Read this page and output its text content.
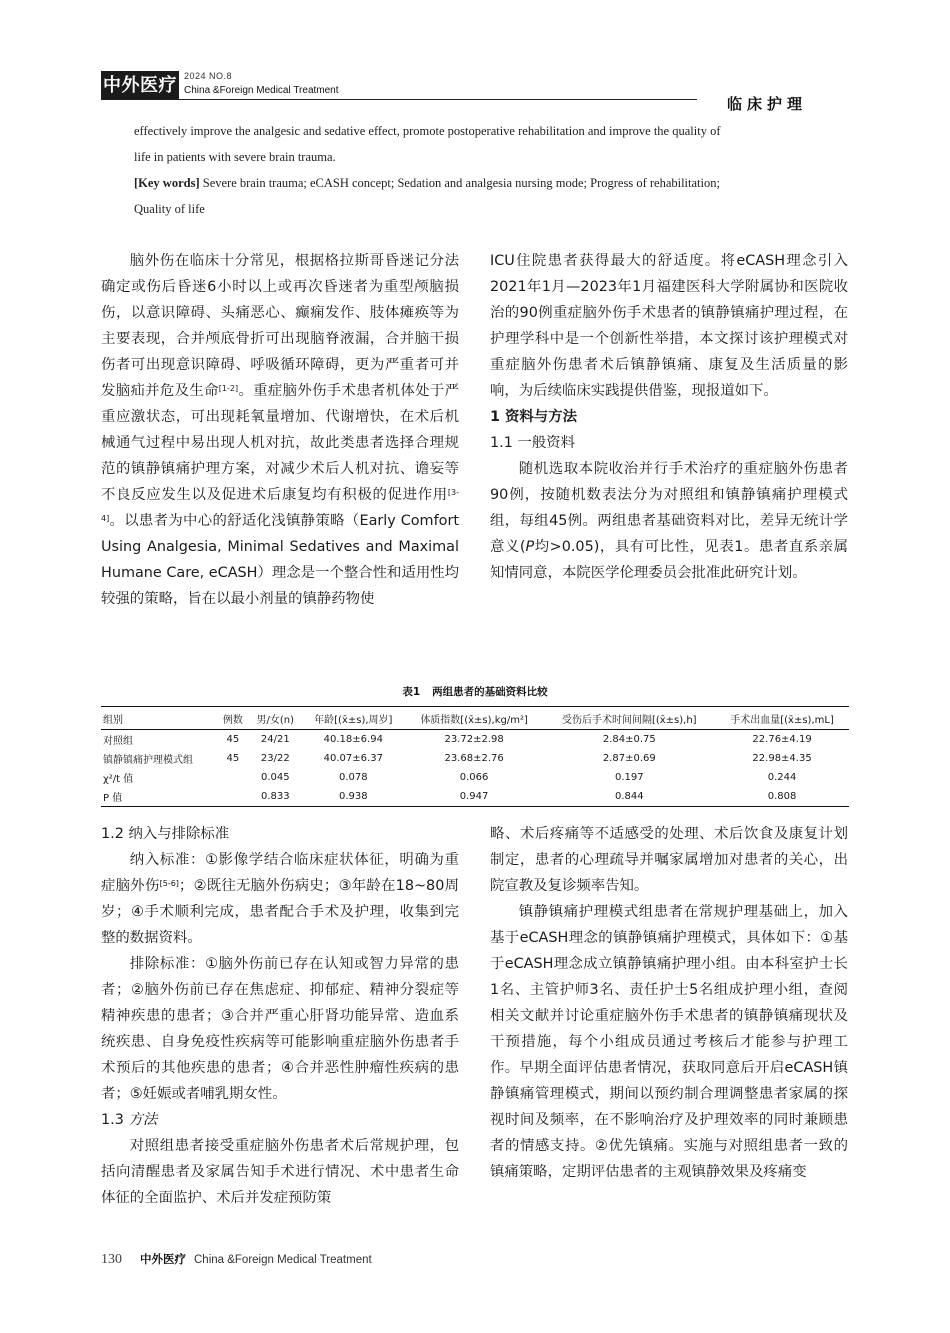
中外医疗 2024 NO.8
China &Foreign Medical Treatment
临床护理
effectively improve the analgesic and sedative effect, promote postoperative rehabilitation and improve the quality of
life in patients with severe brain trauma.
[Key words] Severe brain trauma; eCASH concept; Sedation and analgesia nursing mode; Progress of rehabilitation;
Quality of life

脑外伤在临床十分常见，根据格拉斯哥昏迷记分法确定或伤后昏迷6小时以上或再次昏迷者为重型颅脑损伤，以意识障碍、头痛恶心、癫痫发作、肢体瘫痪等为主要表现，合并颅底骨折可出现脑脊液漏，合并脑干损伤者可出现意识障碍、呼吸循环障碍，更为严重者可并发脑疝并危及生命[1-2]。重症脑外伤手术患者机体处于严重应激状态，可出现耗氧量增加、代谢增快，在术后机械通气过程中易出现人机对抗，故此类患者选择合理规范的镇静镇痛护理方案，对减少术后人机对抗、谵妄等不良反应发生以及促进术后康复均有积极的促进作用[3-4]。以患者为中心的舒适化浅镇静策略（Early Comfort Using Analgesia, Minimal Sedatives and Maximal Humane Care, eCASH）理念是一个整合性和适用性均较强的策略，旨在以最小剂量的镇静药物使

ICU住院患者获得最大的舒适度。将eCASH理念引入2021年1月—2023年1月福建医科大学附属协和医院收治的90例重症脑外伤手术患者的镇静镇痛护理过程，在护理学科中是一个创新性举措，本文探讨该护理模式对重症脑外伤患者术后镇静镇痛、康复及生活质量的影响，为后续临床实践提供借鉴，现报道如下。

1 资料与方法

1.1 一般资料

随机选取本院收治并行手术治疗的重症脑外伤患者90例，按随机数表法分为对照组和镇静镇痛护理模式组，每组45例。两组患者基础资料对比，差异无统计学意义(P均>0.05)，具有可比性，见表1。患者直系亲属知情同意，本院医学伦理委员会批准此研究计划。

表1 两组患者的基础资料比较
组别	例数	男/女(n)	年龄[(x̄±s),周岁]	体质指数[(x̄±s),kg/m²]	受伤后手术时间间隔[(x̄±s),h]	手术出血量[(x̄±s),mL]
对照组	45	24/21	40.18±6.94	23.72±2.98	2.84±0.75	22.76±4.19
镇静镇痛护理模式组	45	23/22	40.07±6.37	23.68±2.76	2.87±0.69	22.98±4.35
χ²/t 值		0.045	0.078	0.066	0.197	0.244
P 值		0.833	0.938	0.947	0.844	0.808

1.2 纳入与排除标准

纳入标准：①影像学结合临床症状体征，明确为重症脑外伤[5-6]；②既往无脑外伤病史；③年龄在18~80周岁；④手术顺利完成，患者配合手术及护理，收集到完整的数据资料。

排除标准：①脑外伤前已存在认知或智力异常的患者；②脑外伤前已存在焦虑症、抑郁症、精神分裂症等精神疾患的患者；③合并严重心肝肾功能异常、造血系统疾患、自身免疫性疾病等可能影响重症脑外伤患者手术预后的其他疾患的患者；④合并恶性肿瘤性疾病的患者；⑤妊娠或者哺乳期女性。

1.3 方法

对照组患者接受重症脑外伤患者术后常规护理，包括向清醒患者及家属告知手术进行情况、术中患者生命体征的全面监护、术后并发症预防策

略、术后疼痛等不适感受的处理、术后饮食及康复计划制定，患者的心理疏导并嘱家属增加对患者的关心，出院宣教及复诊频率告知。

镇静镇痛护理模式组患者在常规护理基础上，加入基于eCASH理念的镇静镇痛护理模式，具体如下：①基于eCASH理念成立镇静镇痛护理小组。由本科室护士长1名、主管护师3名、责任护士5名组成护理小组，查阅相关文献并讨论重症脑外伤手术患者的镇静镇痛现状及干预措施，每个小组成员通过考核后才能参与护理工作。早期全面评估患者情况，获取同意后开启eCASH镇静镇痛管理模式，期间以预约制合理调整患者家属的探视时间及频率，在不影响治疗及护理效率的同时兼顾患者的情感支持。②优先镇痛。实施与对照组患者一致的镇痛策略，定期评估患者的主观镇静效果及疼痛变

130 中外医疗 China &Foreign Medical Treatment
